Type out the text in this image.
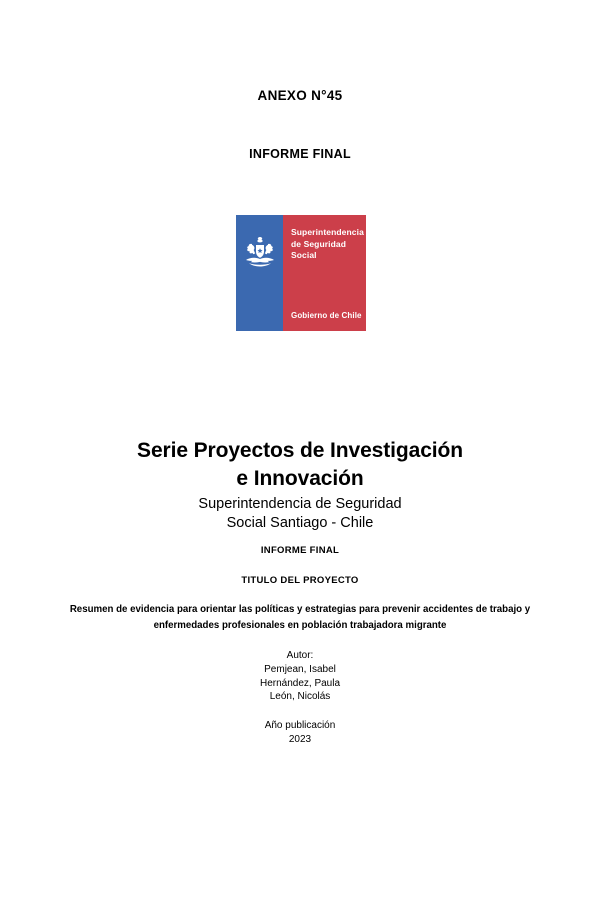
ANEXO N°45
INFORME FINAL
Superintendencia
de Seguridad
Social
Gobierno de Chile
Serie Proyectos de Investigación
e Innovación
Superintendencia de Seguridad
Social Santiago - Chile
INFORME FINAL
TITULO DEL PROYECTO
Resumen de evidencia para orientar las políticas y estrategias para prevenir accidentes de trabajo y enfermedades profesionales en población trabajadora migrante
Autor:
Pemjean, Isabel
Hernández, Paula
León, Nicolás
Año publicación
2023
